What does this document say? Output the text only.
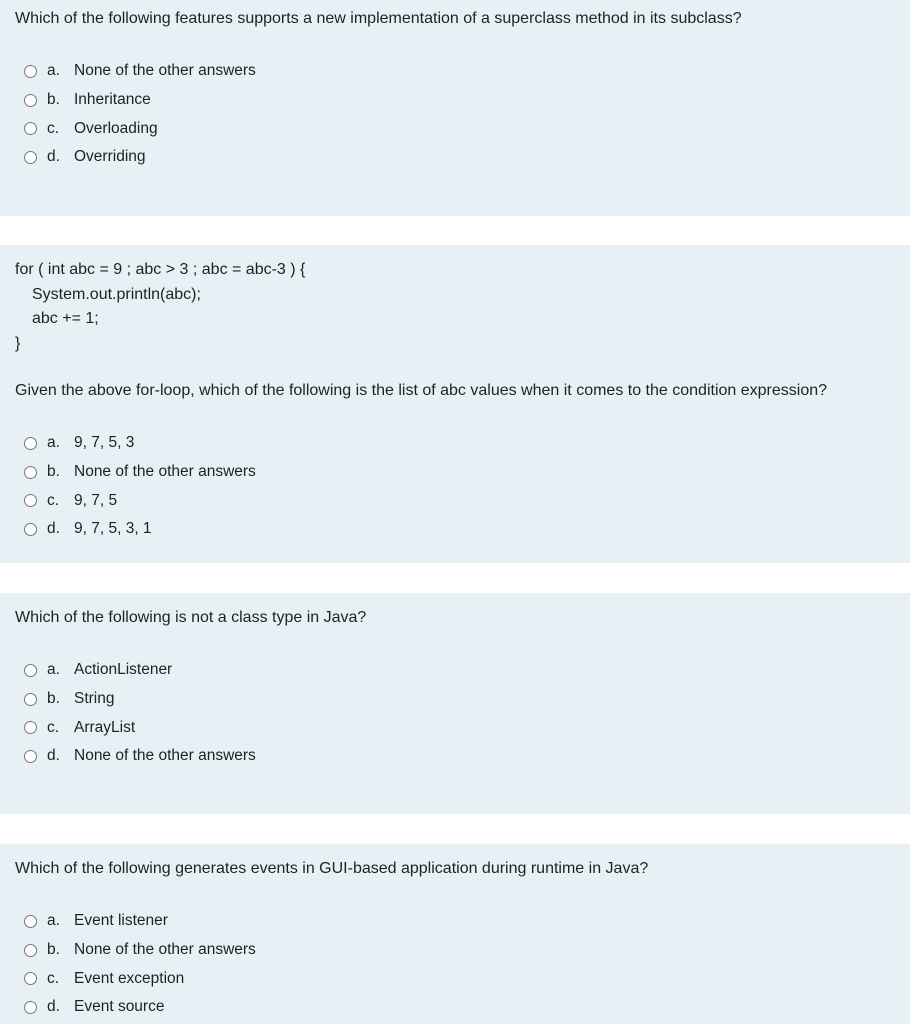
Which of the following features supports a new implementation of a superclass method in its subclass?
a. None of the other answers
b. Inheritance
c. Overloading
d. Overriding
for ( int abc = 9 ; abc > 3 ; abc = abc-3 ) {
System.out.println(abc);
abc += 1;
}
Given the above for-loop, which of the following is the list of abc values when it comes to the condition expression?
a. 9, 7, 5, 3
b. None of the other answers
c. 9, 7, 5
d. 9, 7, 5, 3, 1
Which of the following is not a class type in Java?
a. ActionListener
b. String
c. ArrayList
d. None of the other answers
Which of the following generates events in GUI-based application during runtime in Java?
a. Event listener
b. None of the other answers
c. Event exception
d. Event source
